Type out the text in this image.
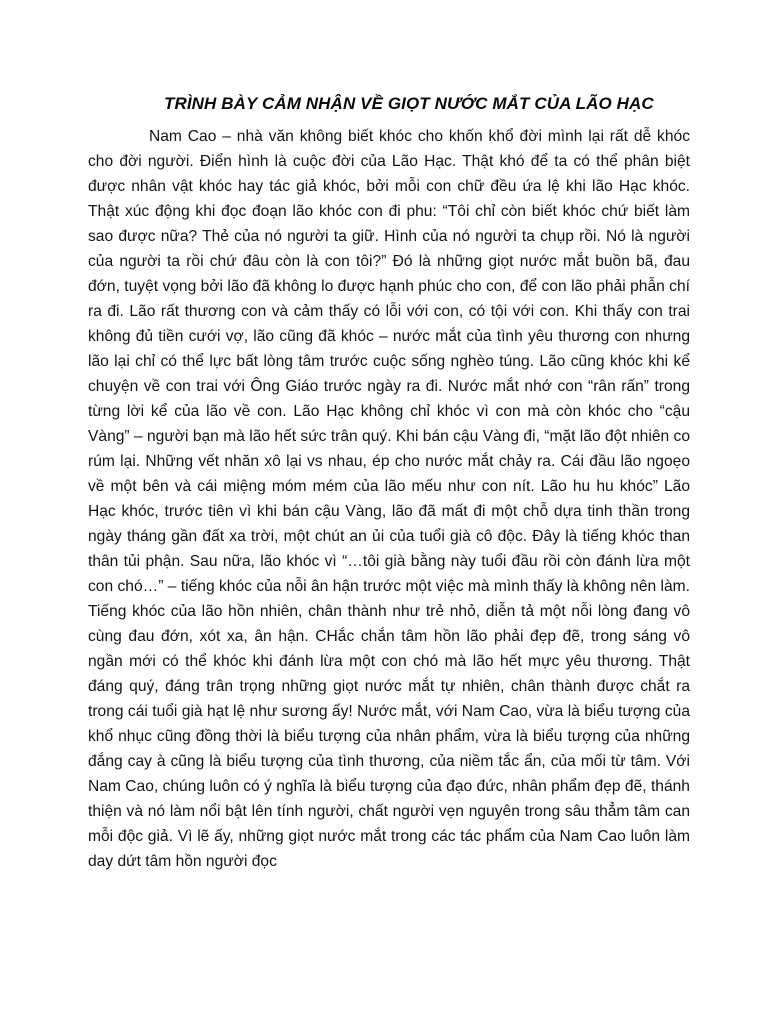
TRÌNH BÀY CẢM NHẬN VỀ GIỌT NƯỚC MẮT CỦA LÃO HẠC

Nam Cao – nhà văn không biết khóc cho khốn khổ đời mình lại rất dễ khóc cho đời người. Điển hình là cuộc đời của Lão Hạc. Thật khó để ta có thể phân biệt được nhân vật khóc hay tác giả khóc, bởi mỗi con chữ đều ứa lệ khi lão Hạc khóc. Thật xúc động khi đọc đoạn lão khóc con đi phu: “Tôi chỉ còn biết khóc chứ biết làm sao được nữa? Thẻ của nó người ta giữ. Hình của nó người ta chụp rồi. Nó là người của người ta rồi chứ đâu còn là con tôi?” Đó là những giọt nước mắt buồn bã, đau đớn, tuyệt vọng bởi lão đã không lo được hạnh phúc cho con, để con lão phải phẫn chí ra đi. Lão rất thương con và cảm thấy có lỗi với con, có tội với con. Khi thấy con trai không đủ tiền cưới vợ, lão cũng đã khóc – nước mắt của tình yêu thương con nhưng lão lại chỉ có thể lực bất lòng tâm trước cuộc sống nghèo túng. Lão cũng khóc khi kể chuyện về con trai với Ông Giáo trước ngày ra đi. Nước mắt nhớ con “rân rấn” trong từng lời kể của lão về con. Lão Hạc không chỉ khóc vì con mà còn khóc cho “cậu Vàng” – người bạn mà lão hết sức trân quý. Khi bán cậu Vàng đi, “mặt lão đột nhiên co rúm lại. Những vết nhăn xô lại vs nhau, ép cho nước mắt chảy ra. Cái đầu lão ngoẹo về một bên và cái miệng móm mém của lão mếu như con nít. Lão hu hu khóc” Lão Hạc khóc, trước tiên vì khi bán cậu Vàng, lão đã mất đi một chỗ dựa tinh thần trong ngày tháng gần đất xa trời, một chút an ủi của tuổi già cô độc. Đây là tiếng khóc than thân tủi phận. Sau nữa, lão khóc vì “…tôi già bằng này tuổi đầu rồi còn đánh lừa một con chó…” – tiếng khóc của nỗi ân hận trước một việc mà mình thấy là không nên làm. Tiếng khóc của lão hồn nhiên, chân thành như trẻ nhỏ, diễn tả một nỗi lòng đang vô cùng đau đớn, xót xa, ân hận. CHắc chắn tâm hồn lão phải đẹp đẽ, trong sáng vô ngần mới có thể khóc khi đánh lừa một con chó mà lão hết mực yêu thương. Thật đáng quý, đáng trân trọng những giọt nước mắt tự nhiên, chân thành được chắt ra trong cái tuổi già hạt lệ như sương ấy! Nước mắt, với Nam Cao, vừa là biểu tượng của khổ nhục cũng đồng thời là biểu tượng của nhân phẩm, vừa là biểu tượng của những đắng cay à cũng là biểu tượng của tình thương, của niềm tắc ẩn, của mối từ tâm. Với Nam Cao, chúng luôn có ý nghĩa là biểu tượng của đạo đức, nhân phẩm đẹp đẽ, thánh thiện và nó làm nổi bật lên tính người, chất người vẹn nguyên trong sâu thẳm tâm can mỗi độc giả. Vì lẽ ấy, những giọt nước mắt trong các tác phẩm của Nam Cao luôn làm day dứt tâm hồn người đọc
